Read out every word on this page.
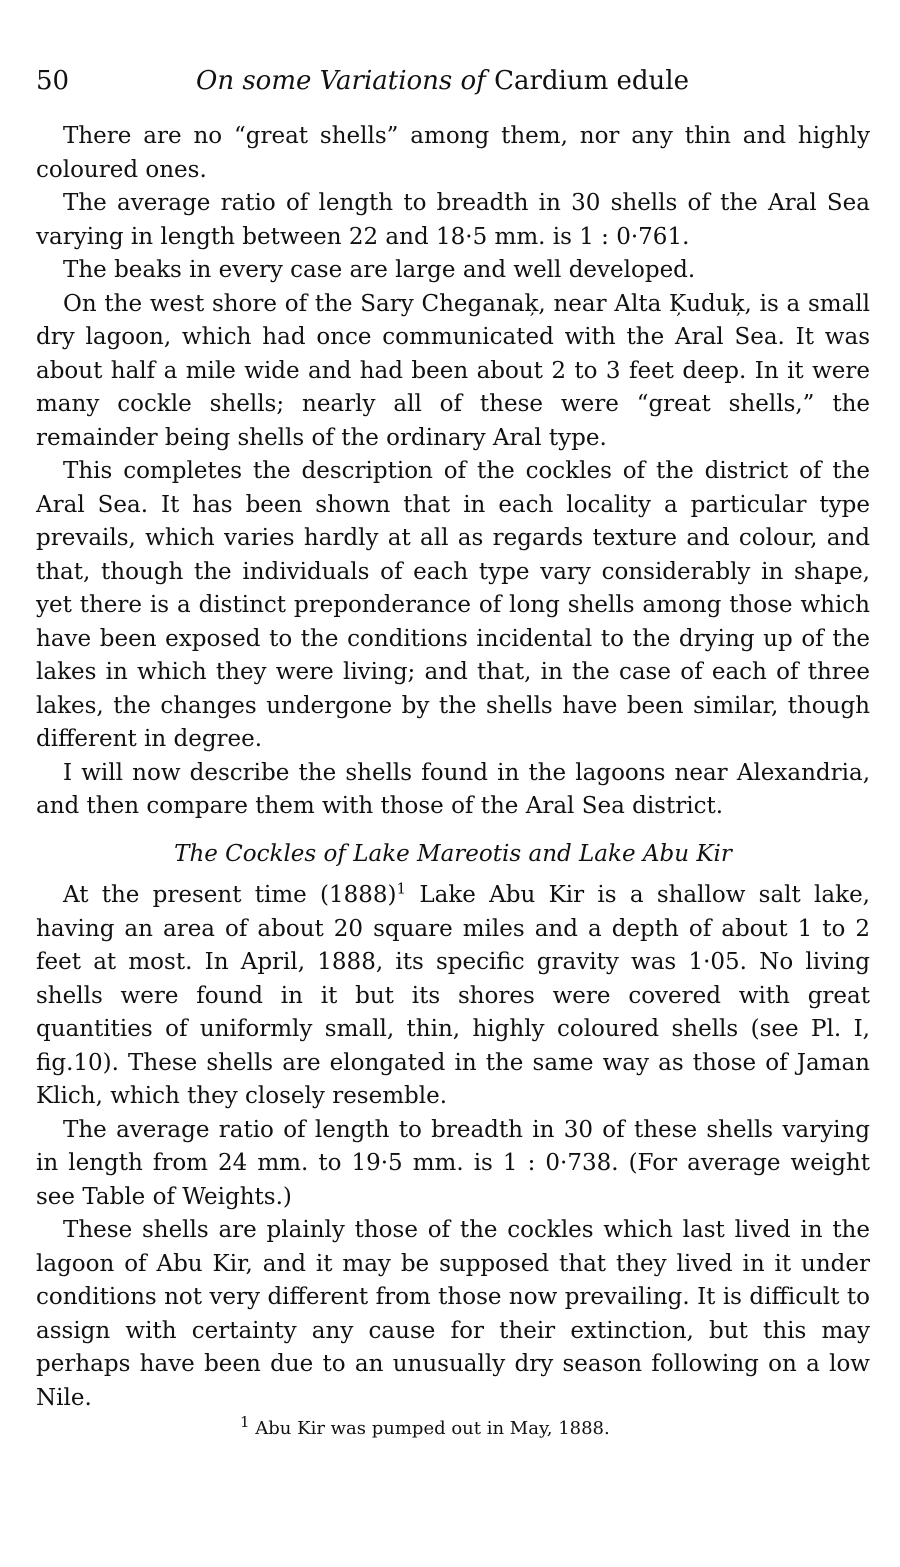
50	On some Variations of Cardium edule

There are no “great shells” among them, nor any thin and highly coloured ones.

The average ratio of length to breadth in 30 shells of the Aral Sea varying in length between 22 and 18·5 mm. is 1 : 0·761.

The beaks in every case are large and well developed.

On the west shore of the Sary Cheganaķ, near Alta Ķuduķ, is a small dry lagoon, which had once communicated with the Aral Sea. It was about half a mile wide and had been about 2 to 3 feet deep. In it were many cockle shells; nearly all of these were “great shells,” the remainder being shells of the ordinary Aral type.

This completes the description of the cockles of the district of the Aral Sea. It has been shown that in each locality a particular type prevails, which varies hardly at all as regards texture and colour, and that, though the individuals of each type vary considerably in shape, yet there is a distinct preponderance of long shells among those which have been exposed to the conditions incidental to the drying up of the lakes in which they were living; and that, in the case of each of three lakes, the changes undergone by the shells have been similar, though different in degree.

I will now describe the shells found in the lagoons near Alexandria, and then compare them with those of the Aral Sea district.

The Cockles of Lake Mareotis and Lake Abu Kir

At the present time $(1888)^1$ Lake Abu Kir is a shallow salt lake, having an area of about 20 square miles and a depth of about 1 to 2 feet at most. In April, 1888, its specific gravity was 1·05. No living shells were found in it but its shores were covered with great quantities of uniformly small, thin, highly coloured shells (see Pl. I, fig.10). These shells are elongated in the same way as those of Jaman Klich, which they closely resemble.

The average ratio of length to breadth in 30 of these shells varying in length from 24 mm. to 19·5 mm. is 1 : 0·738. (For average weight see Table of Weights.)

These shells are plainly those of the cockles which last lived in the lagoon of Abu Kir, and it may be supposed that they lived in it under conditions not very different from those now prevailing. It is difficult to assign with certainty any cause for their extinction, but this may perhaps have been due to an unusually dry season following on a low Nile.

$^1$ Abu Kir was pumped out in May, 1888.
